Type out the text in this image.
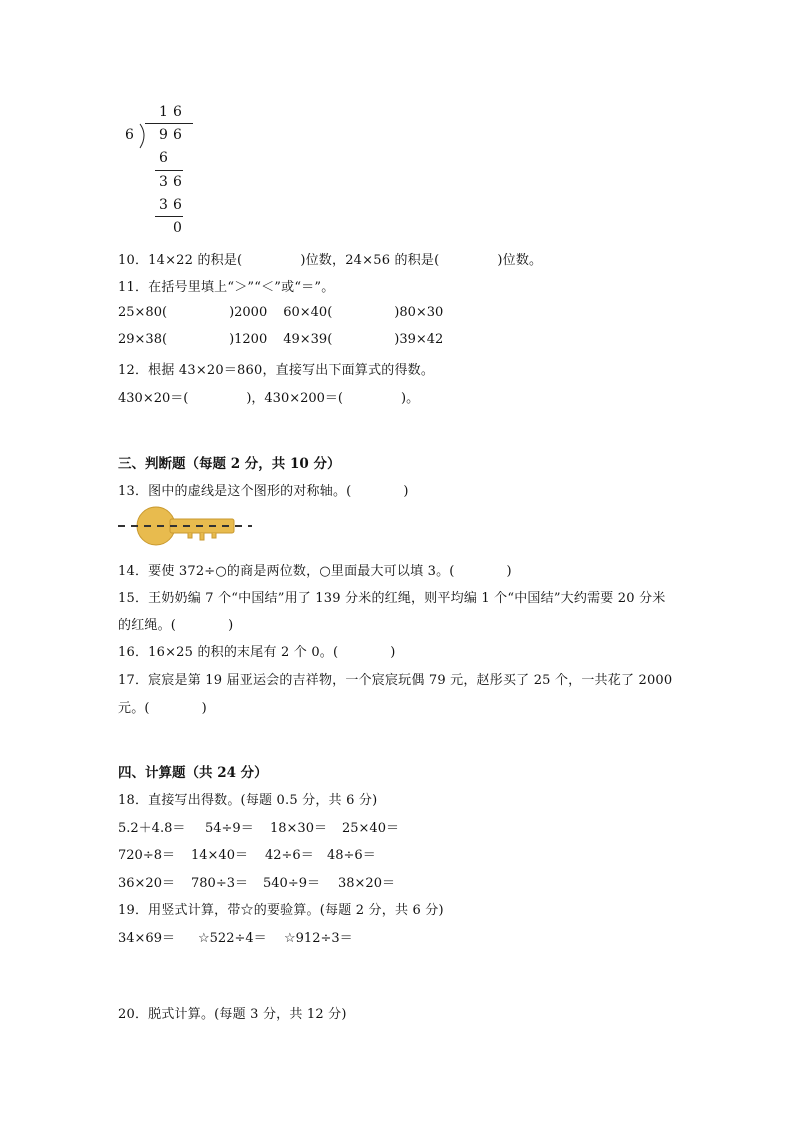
1 6
6 9 6
6
3 6
3 6
0
10．14×22 的积是(	)位数，24×56 的积是(	)位数。
11．在括号里填上“＞”“＜”或“＝”。
25×80(	)2000 60×40(	)80×30
29×38(	)1200 49×39(	)39×42
12．根据 43×20＝860，直接写出下面算式的得数。
430×20＝(	)，430×200＝(	)。
三、判断题（每题 2 分，共 10 分）
13．图中的虚线是这个图形的对称轴。(	)
14．要使 372÷○的商是两位数，○里面最大可以填 3。(	)
15．王奶奶编 7 个“中国结”用了 139 分米的红绳，则平均编 1 个“中国结”大约需要 20 分米
的红绳。(	)
16．16×25 的积的末尾有 2 个 0。(	)
17．宸宸是第 19 届亚运会的吉祥物，一个宸宸玩偶 79 元，赵彤买了 25 个，一共花了 2000
元。(	)
四、计算题（共 24 分）
18．直接写出得数。(每题 0.5 分，共 6 分)
5.2＋4.8＝ 54÷9＝ 18×30＝ 25×40＝
720÷8＝ 14×40＝ 42÷6＝ 48÷6＝
36×20＝ 780÷3＝ 540÷9＝ 38×20＝
19．用竖式计算，带☆的要验算。(每题 2 分，共 6 分)
34×69＝ ☆522÷4＝ ☆912÷3＝
20．脱式计算。(每题 3 分，共 12 分)
